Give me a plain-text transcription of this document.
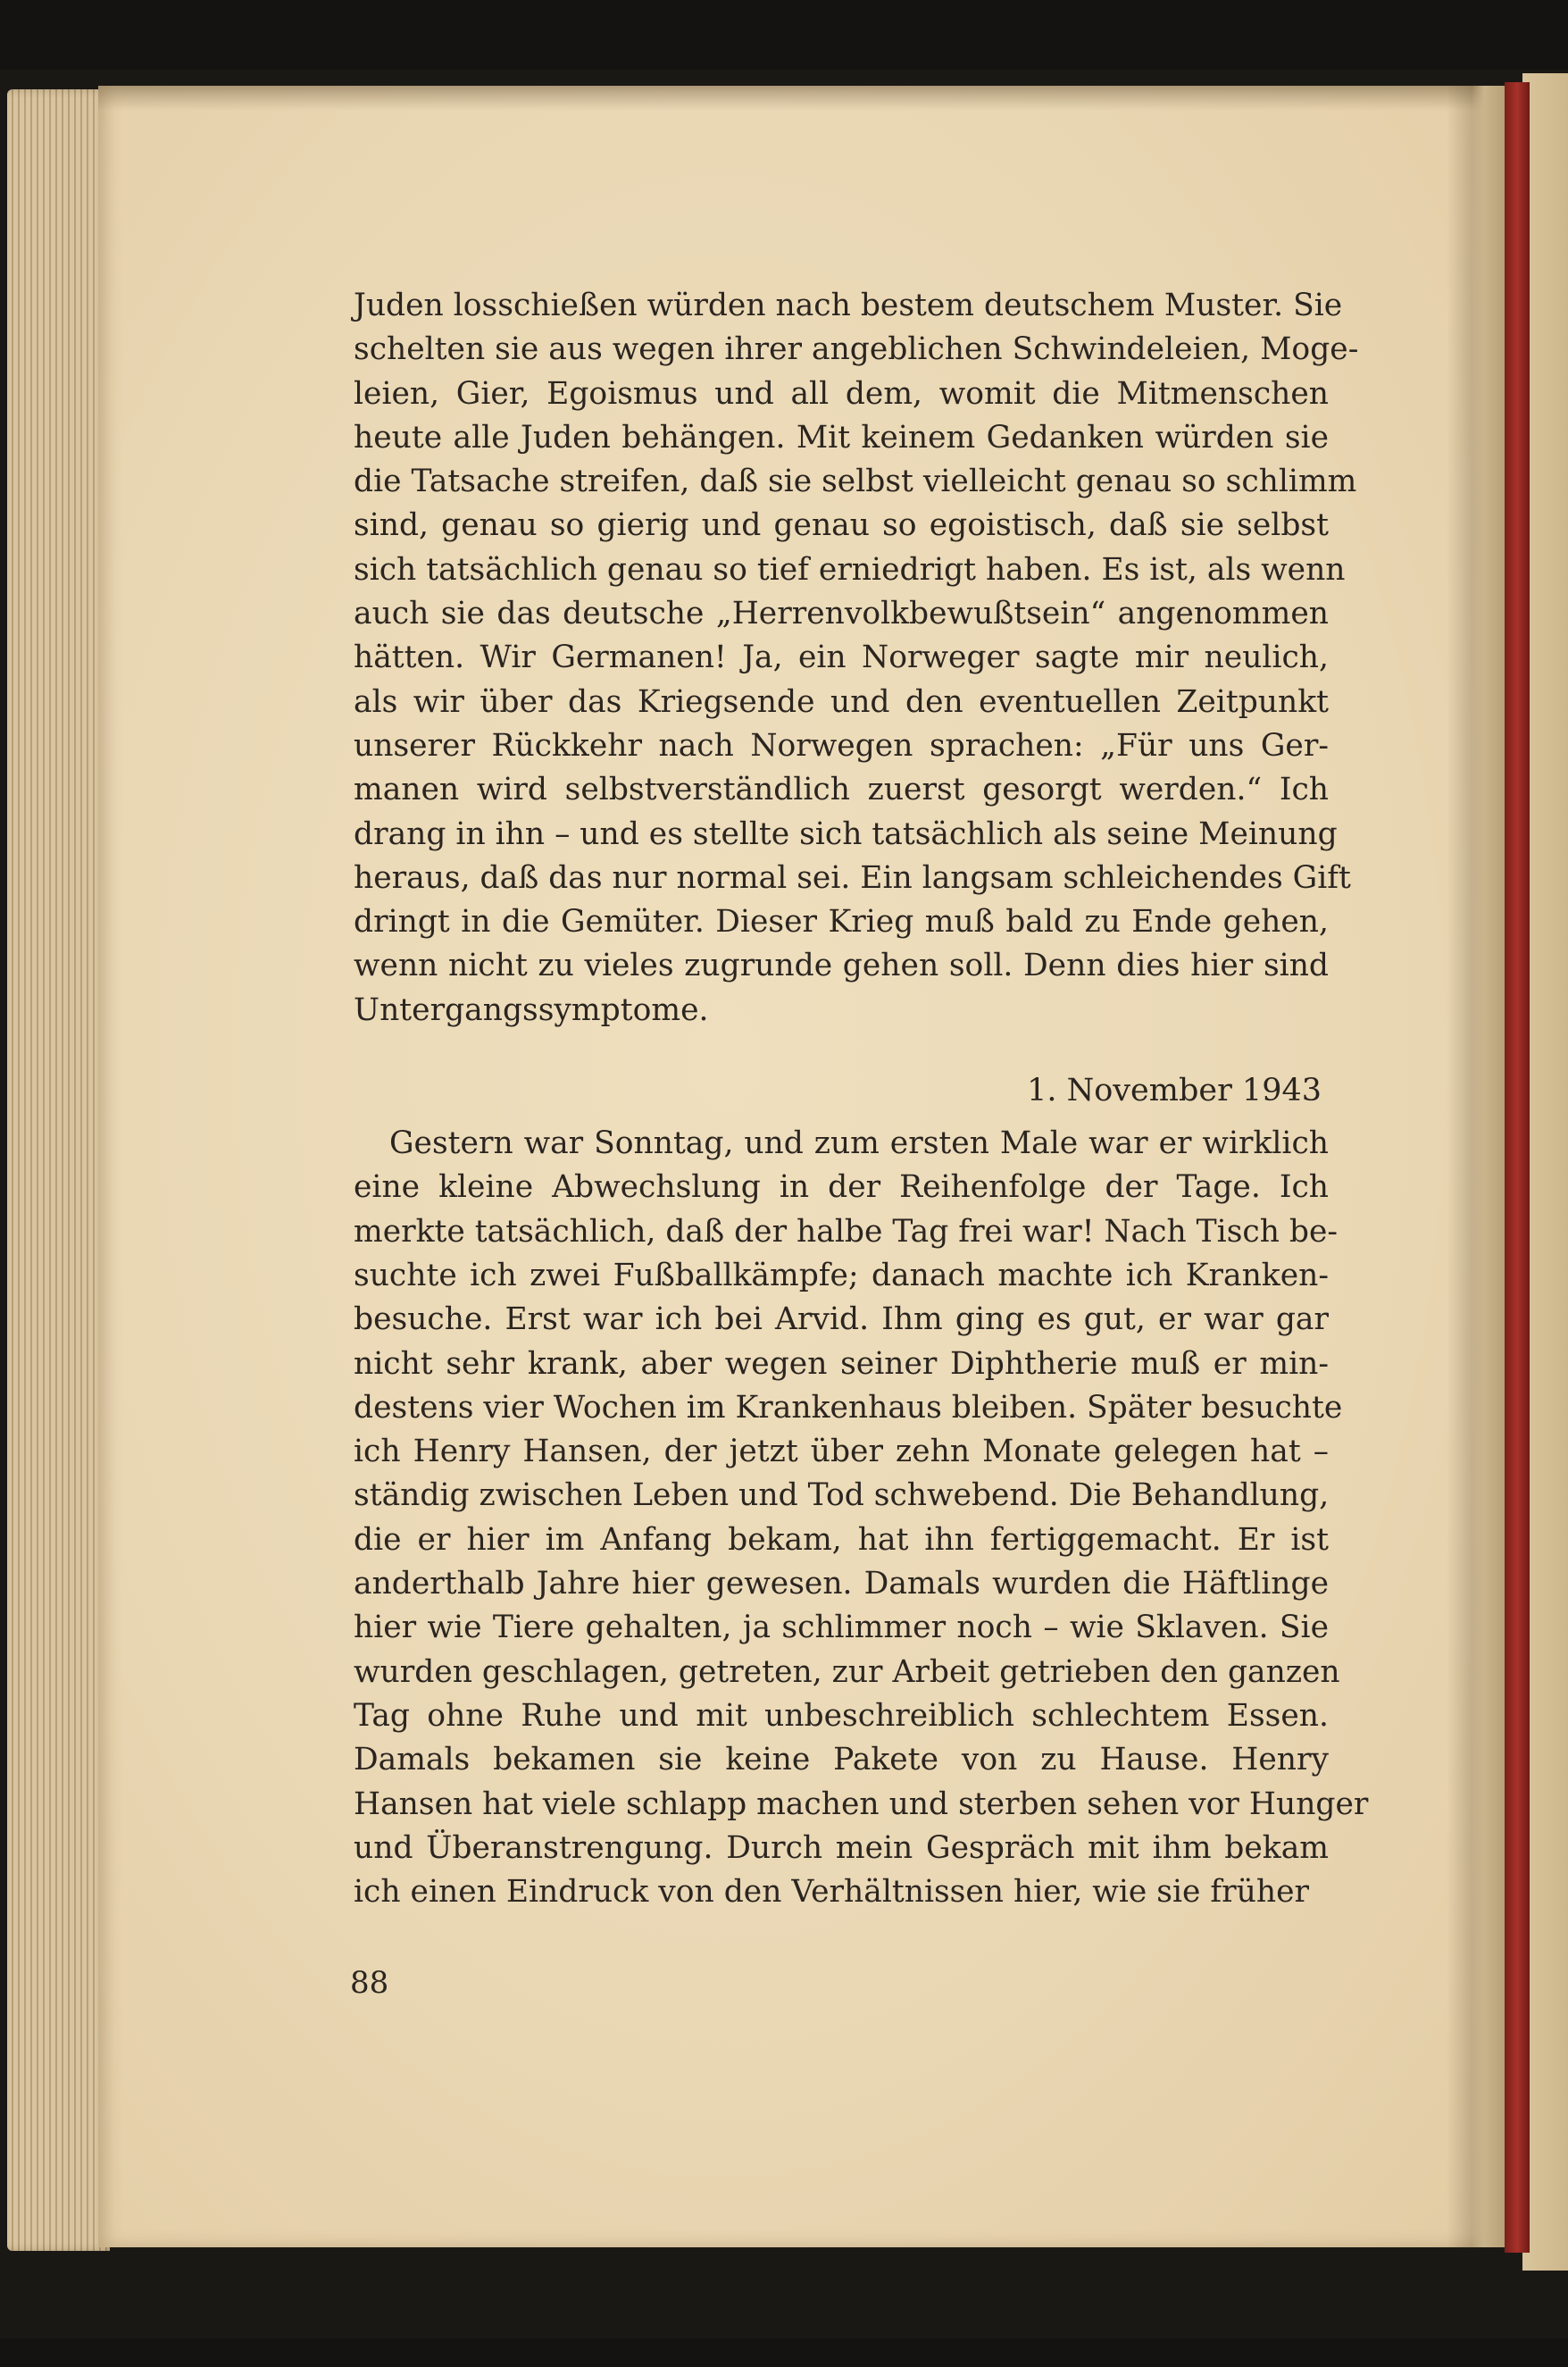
Juden losschießen würden nach bestem deutschem Muster. Sie
schelten sie aus wegen ihrer angeblichen Schwindeleien, Moge-
leien, Gier, Egoismus und all dem, womit die Mitmenschen
heute alle Juden behängen. Mit keinem Gedanken würden sie
die Tatsache streifen, daß sie selbst vielleicht genau so schlimm
sind, genau so gierig und genau so egoistisch, daß sie selbst
sich tatsächlich genau so tief erniedrigt haben. Es ist, als wenn
auch sie das deutsche „Herrenvolkbewußtsein“ angenommen
hätten. Wir Germanen! Ja, ein Norweger sagte mir neulich,
als wir über das Kriegsende und den eventuellen Zeitpunkt
unserer Rückkehr nach Norwegen sprachen: „Für uns Ger-
manen wird selbstverständlich zuerst gesorgt werden.“ Ich
drang in ihn – und es stellte sich tatsächlich als seine Meinung
heraus, daß das nur normal sei. Ein langsam schleichendes Gift
dringt in die Gemüter. Dieser Krieg muß bald zu Ende gehen,
wenn nicht zu vieles zugrunde gehen soll. Denn dies hier sind
Untergangssymptome.
1. November 1943
Gestern war Sonntag, und zum ersten Male war er wirklich
eine kleine Abwechslung in der Reihenfolge der Tage. Ich
merkte tatsächlich, daß der halbe Tag frei war! Nach Tisch be-
suchte ich zwei Fußballkämpfe; danach machte ich Kranken-
besuche. Erst war ich bei Arvid. Ihm ging es gut, er war gar
nicht sehr krank, aber wegen seiner Diphtherie muß er min-
destens vier Wochen im Krankenhaus bleiben. Später besuchte
ich Henry Hansen, der jetzt über zehn Monate gelegen hat –
ständig zwischen Leben und Tod schwebend. Die Behandlung,
die er hier im Anfang bekam, hat ihn fertiggemacht. Er ist
anderthalb Jahre hier gewesen. Damals wurden die Häftlinge
hier wie Tiere gehalten, ja schlimmer noch – wie Sklaven. Sie
wurden geschlagen, getreten, zur Arbeit getrieben den ganzen
Tag ohne Ruhe und mit unbeschreiblich schlechtem Essen.
Damals bekamen sie keine Pakete von zu Hause. Henry
Hansen hat viele schlapp machen und sterben sehen vor Hunger
und Überanstrengung. Durch mein Gespräch mit ihm bekam
ich einen Eindruck von den Verhältnissen hier, wie sie früher
88
